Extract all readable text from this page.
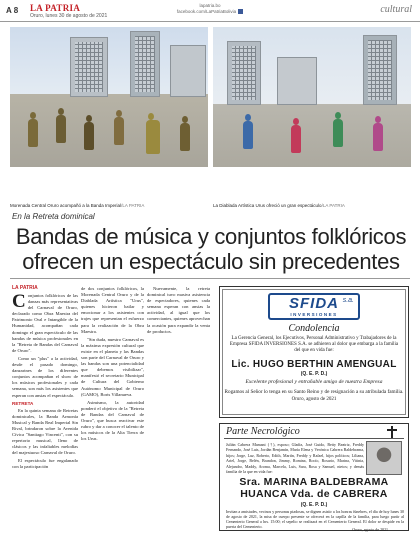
A 8 LA PATRIA
Oruro, lunes 30 de agosto de 2021
lapatria.bo
facebook.com/LaPatriaBolivia	cultural
Morenada Central Oruro acompañó a la Banda Imperial/LA PATRIA	La Diablada Artística Urus ofreció un gran espectáculo/LA PATRIA
En la Retreta dominical
Bandas de música y conjuntos folklóricos
ofrecen un espectáculo sin precedentes
LA PATRIA

Conjuntos folklóricos de las danzas más representativas del Carnaval de Oruro, declarado como Obra Maestra del Patrimonio Oral e Intangible de la Humanidad, acompañan cada domingo el gran espectáculo de las bandas de música profesionales en la "Retreta de Bandas del Carnaval de Oruro".

Como un "plus" a la actividad, desde el pasado domingo, danzarines de los diferentes conjuntos acompañan el show de los músicos profesionales y cada semana, son más los asistentes que esperan con ansias el espectáculo.

RETRETA

En la quinta semana de Retretas dominicales, la Banda Armonía Musical y Banda Real Imperial Sin Rival, brindaron sobre la Avenida Cívica "Santiago Vincenti", con su repertorio musical, lleno de clásicos y las infaltables melodías del majestuoso Carnaval de Oruro.

El espectáculo fue engalanado con la participación

de dos conjuntos folklóricos, la Morenada Central Oruro y de la Diablada Artística "Urus", quienes hicieron bailar y emocionar a los asistentes con trajes que representan el esfuerzo para la realización de la Obra Maestra.

"Sin duda, nuestro Carnaval es la máxima expresión cultural que existe en el planeta y las Bandas son parte del Carnaval de Oruro y las bandas son una potencialidad que debemos visibilizar", manifestó el secretario Municipal de Cultura del Gobierno Autónomo Municipal de Oruro (GAMO), Boris Villanueva.

Asimismo, la autoridad ponderó el objetivo de la "Retreta de Bandas del Carnaval de Oruro", que busca reactivar este rubro y dar a conocer el talento de los músicos de la Alta Tierra de los Urus.

Nuevamente, la retreta dominical tuvo masiva asistencia de espectadores, quienes cada semana esperan con ansias la actividad, al igual que los comerciantes, quienes aprovechan la ocasión para expandir la venta de productos.

SFIDA s.a.
INVERSIONES
Condolencia
La Gerencia General, los Ejecutivos, Personal Administrativo y Trabajadores de la Empresa SFIDA INVERSIONES S.A. se adhieren al dolor que embarga a la familia del que en vida fue:
Lic. HUGO BERTHIN AMENGUAL
(Q. E. P. D.)
Excelente profesional y entrañable amigo de nuestra Empresa
Rogamos al Señor lo tenga en su Santo Reino y de resignación a su atribulada familia.
Oruro, agosto de 2021
Parte Necrológico
Julián Cabrera Mamani (†), esposo; Gladiz, José Guido, Betty Beatriz, Freddy Fernando, José Luis, Jordán Benjamín, María Elena y Verónica Cabrera Baldebrama, hijos; Jorge, Luz, Roberto, Edith, Martín, Freddy y Rafael, hijos políticos; Liliana, Ariel, Jorge, Belén, Brandon, Jimmy, Romina, Rocío, Rosario, Marina, Vitinia, Alejandro, Maddy, Aroma, Marcela, Luis, Sara, Rosa y Samuel, nietos; y demás familia de la que en vida fue:
Sra. MARINA BALDEBRAMA
HUANCA Vda. de CABRERA
(Q. E. P. D.)
Invitan a amistades, vecinos y personas piadosas, se dignen asistir a los honras fúnebres, el día de hoy lunes 30 de agosto de 2021, la misa de cuerpo presente se ofrecerá en la capilla de la familia, para luego partir al Cementerio General a hrs. 15:00; el sepelio se realizará en el Cementerio General. El dolor se despide en la puerta del Cementerio.
Oruro, agosto de 2021
